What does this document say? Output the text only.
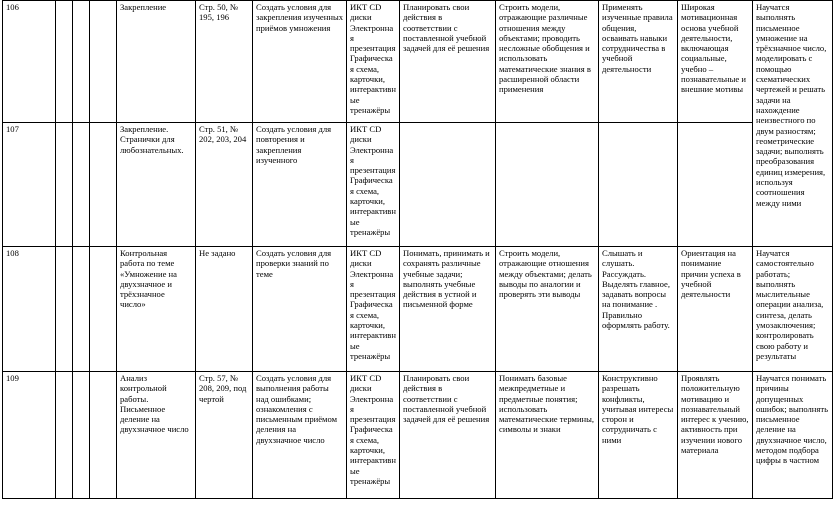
106				Закрепление	Стр. 50, № 195, 196	Создать условия для закрепления изученных приёмов умножения	ИКТ CD диски Электронная презентация Графическая схема, карточки, интерактивные тренажёры	Планировать свои действия в соответствии с поставленной учебной задачей для её решения	Строить модели, отражающие различные отношения между объектами; проводить несложные обобщения и использовать математические знания в расширенной области применения	Применять изученные правила общения, осваивать навыки сотрудничества в учебной деятельности	Широкая мотивационная основа учебной деятельности, включающая социальные, учебно – познавательные и внешние мотивы	Научатся выполнять письменное умножение на трёхзначное число, моделировать с помощью схематических чертежей и решать задачи на нахождение неизвестного по двум разностям; геометрические задачи; выполнять преобразования единиц измерения, используя соотношения между ними
107				Закрепление. Странички для любознательных.	Стр. 51, № 202, 203, 204	Создать условия для повторения и закрепления изученного	ИКТ CD диски Электронная презентация Графическая схема, карточки, интерактивные тренажёры					
108				Контрольная работа по теме «Умножение на двухзначное и трёхзначное число»	Не задано	Создать условия для проверки знаний по теме	ИКТ CD диски Электронная презентация Графическая схема, карточки, интерактивные тренажёры	Понимать, принимать и сохранять различные учебные задачи; выполнять учебные действия в устной и письменной форме	Строить модели, отражающие отношения между объектами; делать выводы по аналогии и проверять эти выводы	Слышать и слушать. Рассуждать. Выделять главное, задавать вопросы на понимание . Правильно оформлять работу.	Ориентация на понимание причин успеха в учебной деятельности	Научатся самостоятельно работать; выполнять мыслительные операции анализа, синтеза, делать умозаключения; контролировать свою работу и результаты
109				Анализ контрольной работы. Письменное деление на двухзначное число	Стр. 57, № 208, 209, под чертой	Создать условия для выполнения работы над ошибками; ознакомления с письменным приёмом деления на двухзначное число	ИКТ CD диски Электронная презентация Графическая схема, карточки, интерактивные тренажёры	Планировать свои действия в соответствии с поставленной учебной задачей для её решения	Понимать базовые межпредметные и предметные понятия; использовать математические термины, символы и знаки	Конструктивно разрешать конфликты, учитывая интересы сторон и сотрудничать с ними	Проявлять положительную мотивацию и познавательный интерес к учению, активность при изучении нового материала	Научатся понимать причины допущенных ошибок; выполнять письменное деление на двухзначное число, методом подбора цифры в частном
